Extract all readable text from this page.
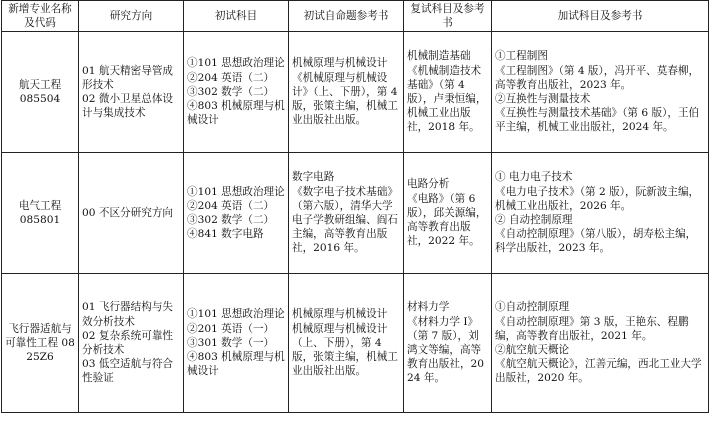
新增专业名称及代码	研究方向	初试科目	初试自命题参考书	复试科目及参考书	加试科目及参考书

航天工程
085504	01 航天精密导管成形技术
02 微小卫星总体设计与集成技术	①101 思想政治理论
②204 英语（二）
③302 数学（二）
④803 机械原理与机械设计	机械原理与机械设计
《机械原理与机械设计》（上、下册），第 4 版，张策主编，机械工业出版社出版。	机械制造基础
《机械制造技术基础》（第 4 版），卢秉恒编，机械工业出版社，2018 年。	①工程制图
《工程制图》（第 4 版），冯开平、莫春柳，高等教育出版社，2023 年。
②互换性与测量技术
《互换性与测量技术基础》（第 6 版），王伯平主编，机械工业出版社，2024 年。

电气工程
085801	00 不区分研究方向	①101 思想政治理论
②204 英语（二）
③302 数学（二）
④841 数字电路	数字电路
《数字电子技术基础》（第六版），清华大学电子学教研组编、阎石主编，高等教育出版社，2016 年。	电路分析
《电路》（第 6 版），邱关源编，高等教育出版社，2022 年。	① 电力电子技术
《电力电子技术》（第 2 版），阮新波主编，机械工业出版社，2026 年。
② 自动控制原理
《自动控制原理》（第八版），胡寿松主编，科学出版社，2023 年。

飞行器适航与可靠性工程 0825Z6	01 飞行器结构与失效分析技术
02 复杂系统可靠性分析技术
03 低空适航与符合性验证	①101 思想政治理论
②201 英语（一）
③301 数学（一）
④803 机械原理与机械设计	机械原理与机械设计
机械原理与机械设计（上、下册），第 4 版，张策主编，机械工业出版社出版。	材料力学
《材料力学 I》（第 7 版），刘鸿文等编，高等教育出版社，2024 年。	①自动控制原理
《自动控制原理》第 3 版，王艳东、程鹏编，高等教育出版社，2021 年。
②航空航天概论
《航空航天概论》，江善元编，西北工业大学出版社，2020 年。
